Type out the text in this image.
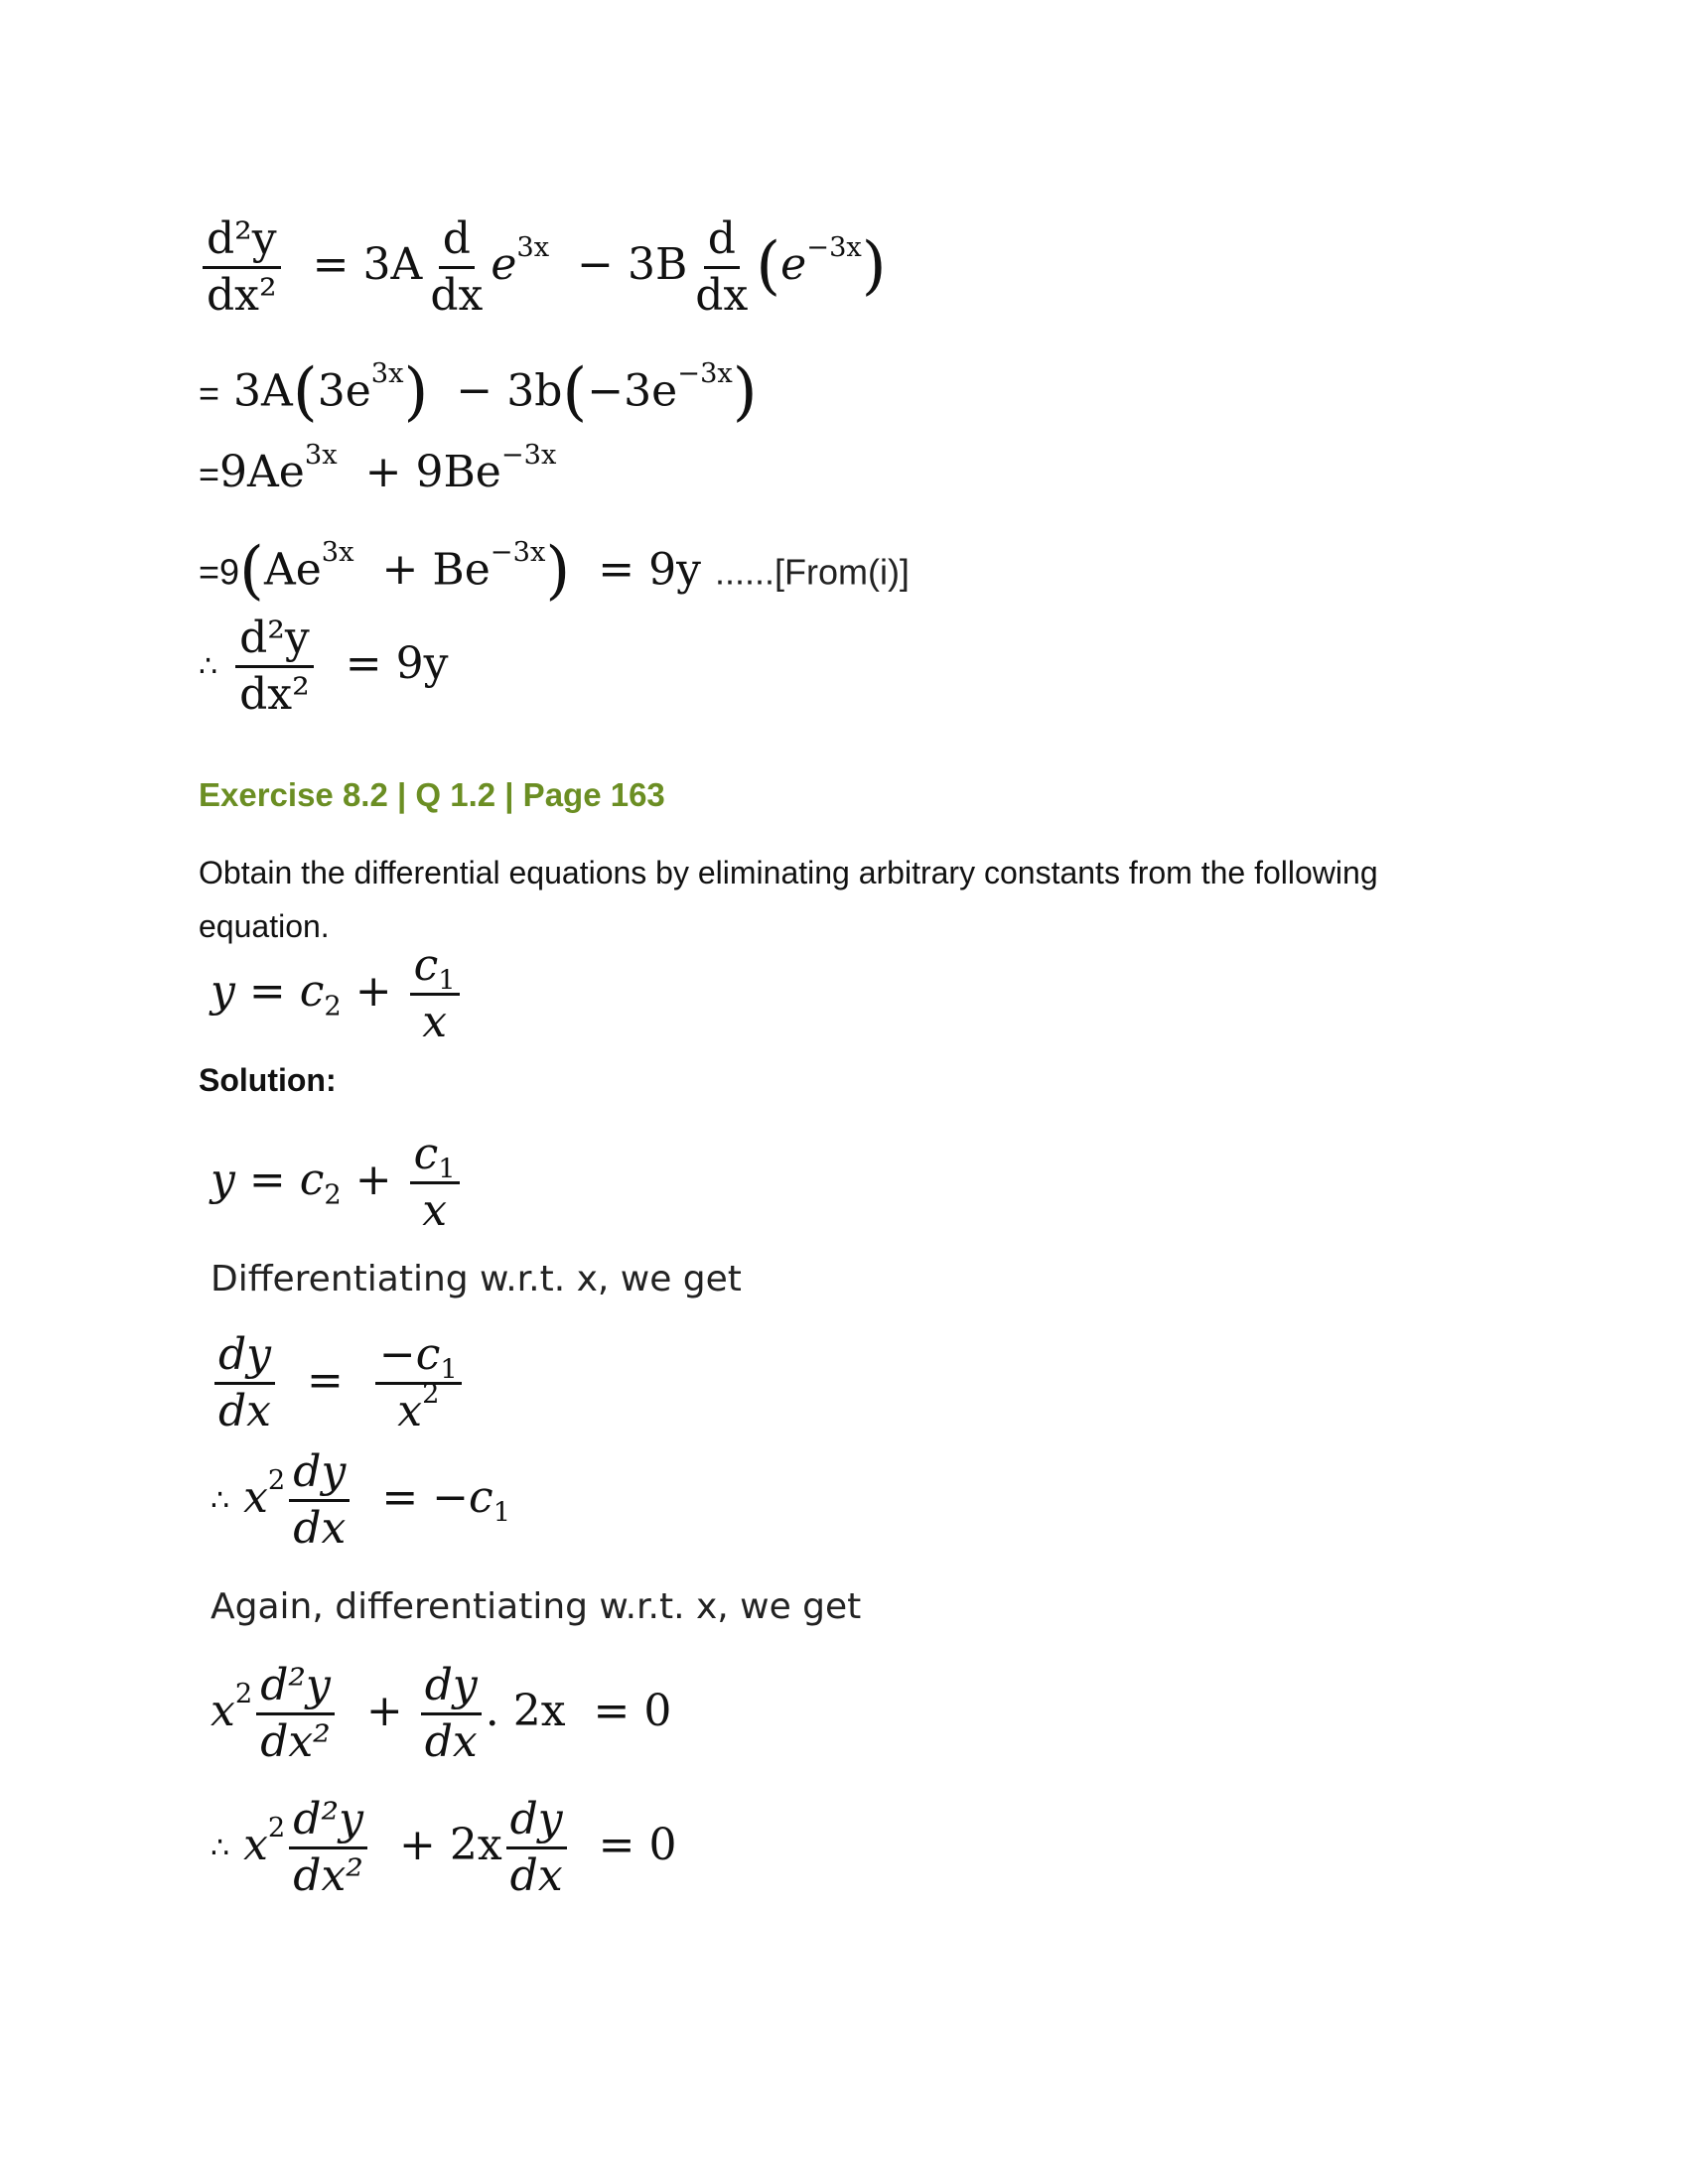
$\frac{\text{d²y}}{\text{dx²}} = 3A \frac{d}{dx} e^{3x} - 3B \frac{d}{dx} (e^{-3x})$
= $3A(3e^{3x}) - 3b(-3e^{-3x})$
$=9Ae^{3x} + 9Be^{-3x}$
$=9(Ae^{3x} + Be^{-3x}) = 9y$ ......[From(i)]
∴ $\frac{\text{d²y}}{\text{dx²}} = 9y$
Exercise 8.2 | Q 1.2 | Page 163
Obtain the differential equations by eliminating arbitrary constants from the following equation.
$y = c_2 + \frac{c_1}{x}$
Solution:
$y = c_2 + \frac{c_1}{x}$
Differentiating w.r.t. x, we get
$\frac{dy}{dx} = \frac{-c_1}{x^2}$
∴ $x^2 \frac{dy}{dx} = -c_1$
Again, differentiating w.r.t. x, we get
$x^2 \frac{\text{d²y}}{\text{dx²}} + \frac{dy}{dx}$ . 2x = 0
∴ $x^2 \frac{\text{d²y}}{\text{dx²}} + 2x \frac{dy}{dx} = 0$
